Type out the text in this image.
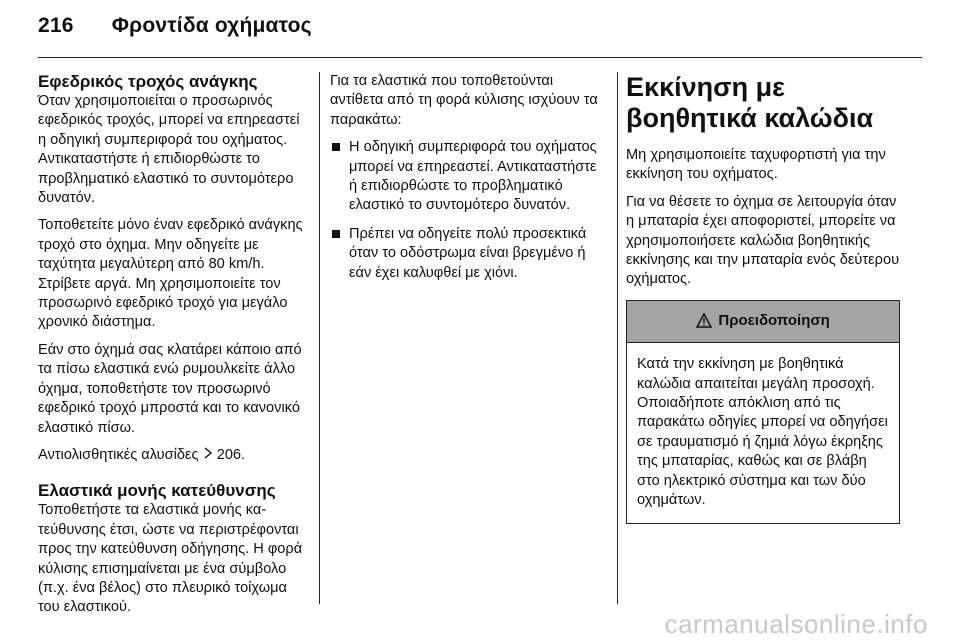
216 Φροντίδα οχήματος
Εφεδρικός τροχός ανάγκης

Όταν χρησιμοποιείται ο προσωρινός εφεδρικός τροχός, μπορεί να επηρεαστεί η οδηγική συμπεριφορά του οχήματος. Αντικαταστήστε ή επιδιορθώστε το προβληματικό ελαστικό το συντομότερο δυνατόν.

Τοποθετείτε μόνο έναν εφεδρικό ανάγκης τροχό στο όχημα. Μην οδηγείτε με ταχύτητα μεγαλύτερη από 80 km/h. Στρίβετε αργά. Μη χρησιμοποιείτε τον προσωρινό εφεδρικό τροχό για μεγάλο χρονικό διάστημα.

Εάν στο όχημά σας κλατάρει κάποιο από τα πίσω ελαστικά ενώ ρυμουλκείτε άλλο όχημα, τοποθετήστε τον προσωρινό εφεδρικό τροχό μπροστά και το κανονικό ελαστικό πίσω.

Αντιολισθητικές αλυσίδες 206.

Ελαστικά μονής κατεύθυνσης

Τοποθετήστε τα ελαστικά μονής κατεύθυνσης έτσι, ώστε να περιστρέφονται προς την κατεύθυνση οδήγησης. Η φορά κύλισης επισημαίνεται με ένα σύμβολο (π.χ. ένα βέλος) στο πλευρικό τοίχωμα του ελαστικού.

Για τα ελαστικά που τοποθετούνται αντίθετα από τη φορά κύλισης ισχύουν τα παρακάτω:

Η οδηγική συμπεριφορά του οχήματος μπορεί να επηρεαστεί. Αντικαταστήστε ή επιδιορθώστε το προβληματικό ελαστικό το συντομότερο δυνατόν.
Πρέπει να οδηγείτε πολύ προσεκτικά όταν το οδόστρωμα είναι βρεγμένο ή εάν έχει καλυφθεί με χιόνι.
Εκκίνηση με βοηθητικά καλώδια

Μη χρησιμοποιείτε ταχυφορτιστή για την εκκίνηση του οχήματος.

Για να θέσετε το όχημα σε λειτουργία όταν η μπαταρία έχει αποφοριστεί, μπορείτε να χρησιμοποιήσετε καλώδια βοηθητικής εκκίνησης και την μπαταρία ενός δεύτερου οχήματος.

Προειδοποίηση
Κατά την εκκίνηση με βοηθητικά καλώδια απαιτείται μεγάλη προσοχή. Οποιαδήποτε απόκλιση από τις παρακάτω οδηγίες μπορεί να οδηγήσει σε τραυματισμό ή ζημιά λόγω έκρηξης της μπαταρίας, καθώς και σε βλάβη στο ηλεκτρικό σύστημα και των δύο οχημάτων.
carmanualsonline.info
